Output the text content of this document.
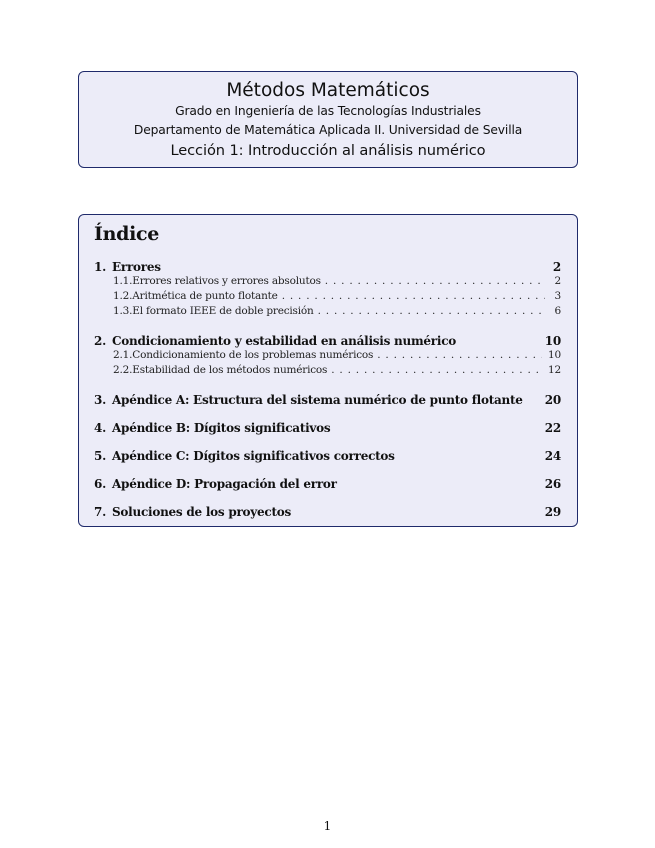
Métodos Matemáticos
Grado en Ingeniería de las Tecnologías Industriales
Departamento de Matemática Aplicada II. Universidad de Sevilla
Lección 1: Introducción al análisis numérico
Índice
1. Errores	2
1.1. Errores relativos y errores absolutos . . .	2
1.2. Aritmética de punto flotante . . .	3
1.3. El formato IEEE de doble precisión . . .	6
2. Condicionamiento y estabilidad en análisis numérico	10
2.1. Condicionamiento de los problemas numéricos . . .	10
2.2. Estabilidad de los métodos numéricos . . .	12
3. Apéndice A: Estructura del sistema numérico de punto flotante	20
4. Apéndice B: Dígitos significativos	22
5. Apéndice C: Dígitos significativos correctos	24
6. Apéndice D: Propagación del error	26
7. Soluciones de los proyectos	29
1
